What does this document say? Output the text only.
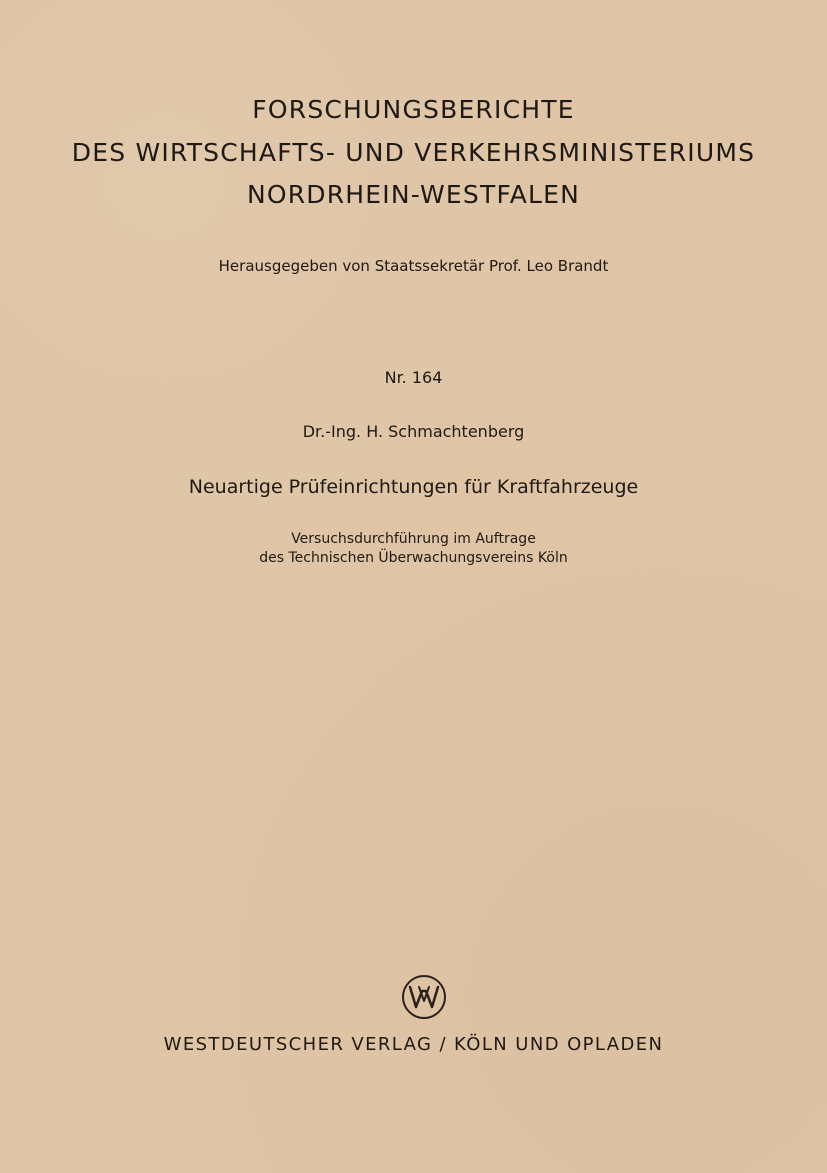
FORSCHUNGSBERICHTE
DES WIRTSCHAFTS- UND VERKEHRSMINISTERIUMS
NORDRHEIN-WESTFALEN
Herausgegeben von Staatssekretär Prof. Leo Brandt
Nr. 164
Dr.-Ing. H. Schmachtenberg
Neuartige Prüfeinrichtungen für Kraftfahrzeuge
Versuchsdurchführung im Auftrage
des Technischen Überwachungsvereins Köln
WESTDEUTSCHER VERLAG / KÖLN UND OPLADEN
